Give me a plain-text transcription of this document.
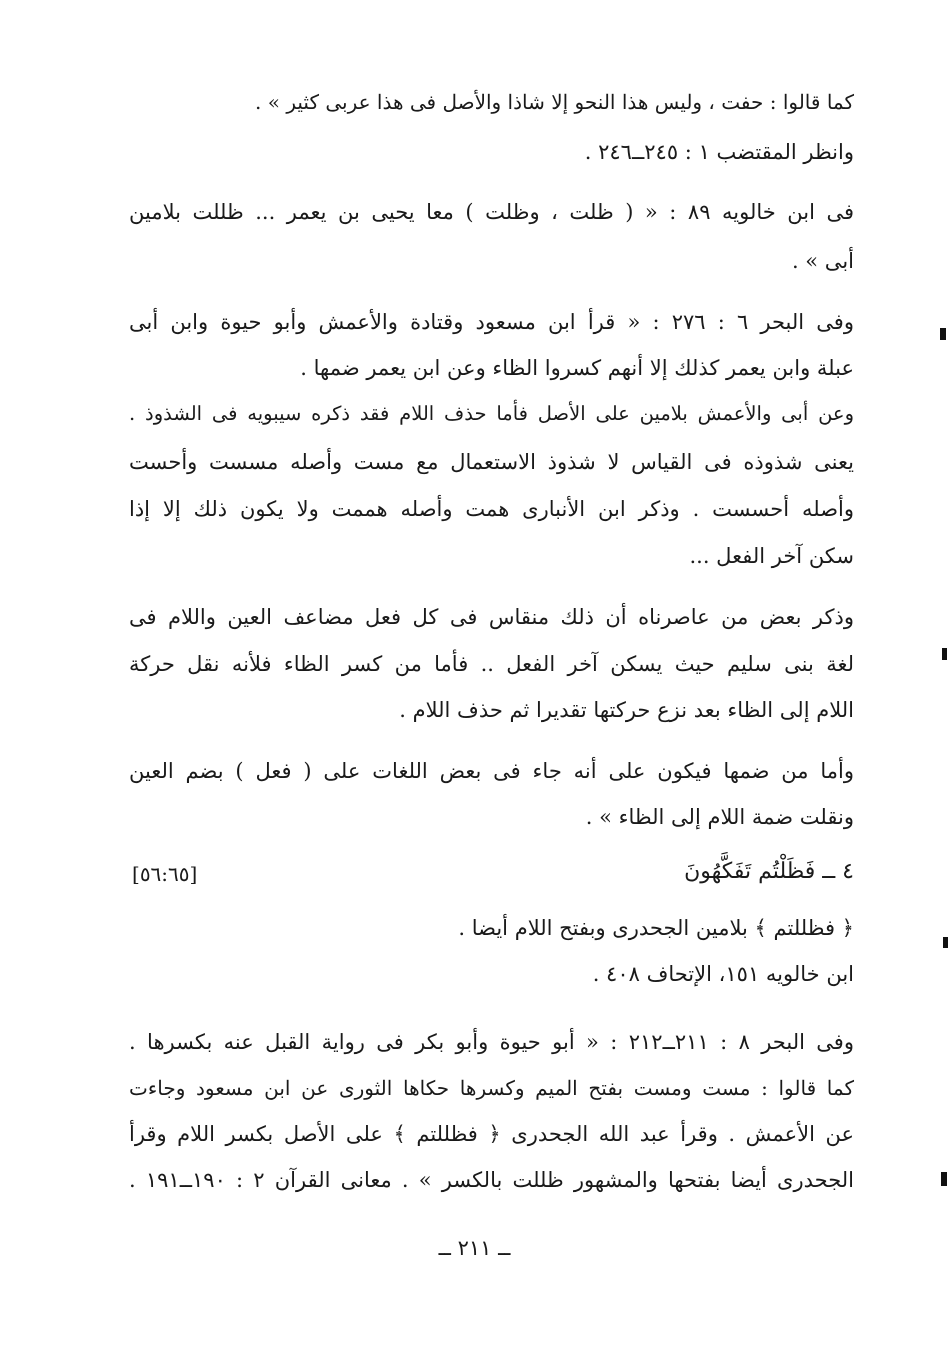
كما قالوا : حفت ، وليس هذا النحو إلا شاذا والأصل فى هذا عربى كثير » .
وانظر المقتضب ١ : ٢٤٥ــ٢٤٦ .
فى ابن خالويه ٨٩ : « ( ظلت ، وظلت ) معا يحيى بن يعمر ... ظللت بلامين
أبى » .
وفى البحر ٦ : ٢٧٦ : « قرأ ابن مسعود وقتادة والأعمش وأبو حيوة وابن أبى
عبلة وابن يعمر كذلك إلا أنهم كسروا الظاء وعن ابن يعمر ضمها .
وعن أبى والأعمش بلامين على الأصل فأما حذف اللام فقد ذكره سيبويه فى الشذوذ .
يعنى شذوذه فى القياس لا شذوذ الاستعمال مع مست وأصله مسست وأحست
وأصله أحسست . وذكر ابن الأنبارى همت وأصله هممت ولا يكون ذلك إلا إذا
سكن آخر الفعل ...
وذكر بعض من عاصرناه أن ذلك منقاس فى كل فعل مضاعف العين واللام فى
لغة بنى سليم حيث يسكن آخر الفعل .. فأما من كسر الظاء فلأنه نقل حركة
اللام إلى الظاء بعد نزع حركتها تقديرا ثم حذف اللام .
وأما من ضمها فيكون على أنه جاء فى بعض اللغات على ( فعل ) بضم العين
ونقلت ضمة اللام إلى الظاء » .
٤ ــ فَظَلْتُم تَفَكَّهُونَ
[٥٦:٦٥]
﴿ فظللتم ﴾ بلامين الجحدرى وبفتح اللام أيضا .
ابن خالويه ١٥١، الإتحاف ٤٠٨ .
وفى البحر ٨ : ٢١١ــ٢١٢ : « أبو حيوة وأبو بكر فى رواية القبل عنه بكسرها .
كما قالوا : مست ومست بفتح الميم وكسرها حكاها الثورى عن ابن مسعود وجاءت
عن الأعمش . وقرأ عبد الله الجحدرى ﴿ فظللتم ﴾ على الأصل بكسر اللام وقرأ
الجحدرى أيضا بفتحها والمشهور ظللت بالكسر » . معانى القرآن ٢ : ١٩٠ــ١٩١ .
ــ ٢١١ ــ
